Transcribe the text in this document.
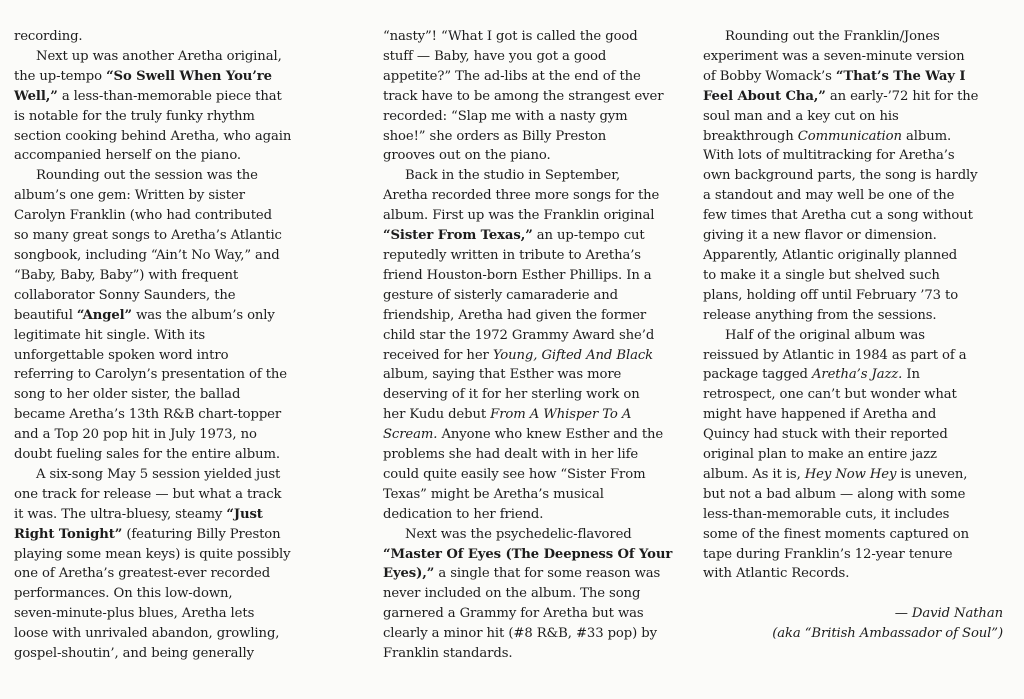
recording.
Next up was another Aretha original,
the up-tempo “So Swell When You’re
Well,” a less-than-memorable piece that
is notable for the truly funky rhythm
section cooking behind Aretha, who again
accompanied herself on the piano.
Rounding out the session was the
album’s one gem: Written by sister
Carolyn Franklin (who had contributed
so many great songs to Aretha’s Atlantic
songbook, including “Ain’t No Way,” and
“Baby, Baby, Baby”) with frequent
collaborator Sonny Saunders, the
beautiful “Angel” was the album’s only
legitimate hit single. With its
unforgettable spoken word intro
referring to Carolyn’s presentation of the
song to her older sister, the ballad
became Aretha’s 13th R&B chart-topper
and a Top 20 pop hit in July 1973, no
doubt fueling sales for the entire album.
A six-song May 5 session yielded just
one track for release — but what a track
it was. The ultra-bluesy, steamy “Just
Right Tonight” (featuring Billy Preston
playing some mean keys) is quite possibly
one of Aretha’s greatest-ever recorded
performances. On this low-down,
seven-minute-plus blues, Aretha lets
loose with unrivaled abandon, growling,
gospel-shoutin’, and being generally
“nasty”! “What I got is called the good
stuff — Baby, have you got a good
appetite?” The ad-libs at the end of the
track have to be among the strangest ever
recorded: “Slap me with a nasty gym
shoe!” she orders as Billy Preston
grooves out on the piano.
Back in the studio in September,
Aretha recorded three more songs for the
album. First up was the Franklin original
“Sister From Texas,” an up-tempo cut
reputedly written in tribute to Aretha’s
friend Houston-born Esther Phillips. In a
gesture of sisterly camaraderie and
friendship, Aretha had given the former
child star the 1972 Grammy Award she’d
received for her Young, Gifted And Black
album, saying that Esther was more
deserving of it for her sterling work on
her Kudu debut From A Whisper To A
Scream. Anyone who knew Esther and the
problems she had dealt with in her life
could quite easily see how “Sister From
Texas” might be Aretha’s musical
dedication to her friend.
Next was the psychedelic-flavored
“Master Of Eyes (The Deepness Of Your
Eyes),” a single that for some reason was
never included on the album. The song
garnered a Grammy for Aretha but was
clearly a minor hit (#8 R&B, #33 pop) by
Franklin standards.
Rounding out the Franklin/Jones
experiment was a seven-minute version
of Bobby Womack’s “That’s The Way I
Feel About Cha,” an early-’72 hit for the
soul man and a key cut on his
breakthrough Communication album.
With lots of multitracking for Aretha’s
own background parts, the song is hardly
a standout and may well be one of the
few times that Aretha cut a song without
giving it a new flavor or dimension.
Apparently, Atlantic originally planned
to make it a single but shelved such
plans, holding off until February ’73 to
release anything from the sessions.
Half of the original album was
reissued by Atlantic in 1984 as part of a
package tagged Aretha’s Jazz. In
retrospect, one can’t but wonder what
might have happened if Aretha and
Quincy had stuck with their reported
original plan to make an entire jazz
album. As it is, Hey Now Hey is uneven,
but not a bad album — along with some
less-than-memorable cuts, it includes
some of the finest moments captured on
tape during Franklin’s 12-year tenure
with Atlantic Records.
— David Nathan
(aka “British Ambassador of Soul”)
